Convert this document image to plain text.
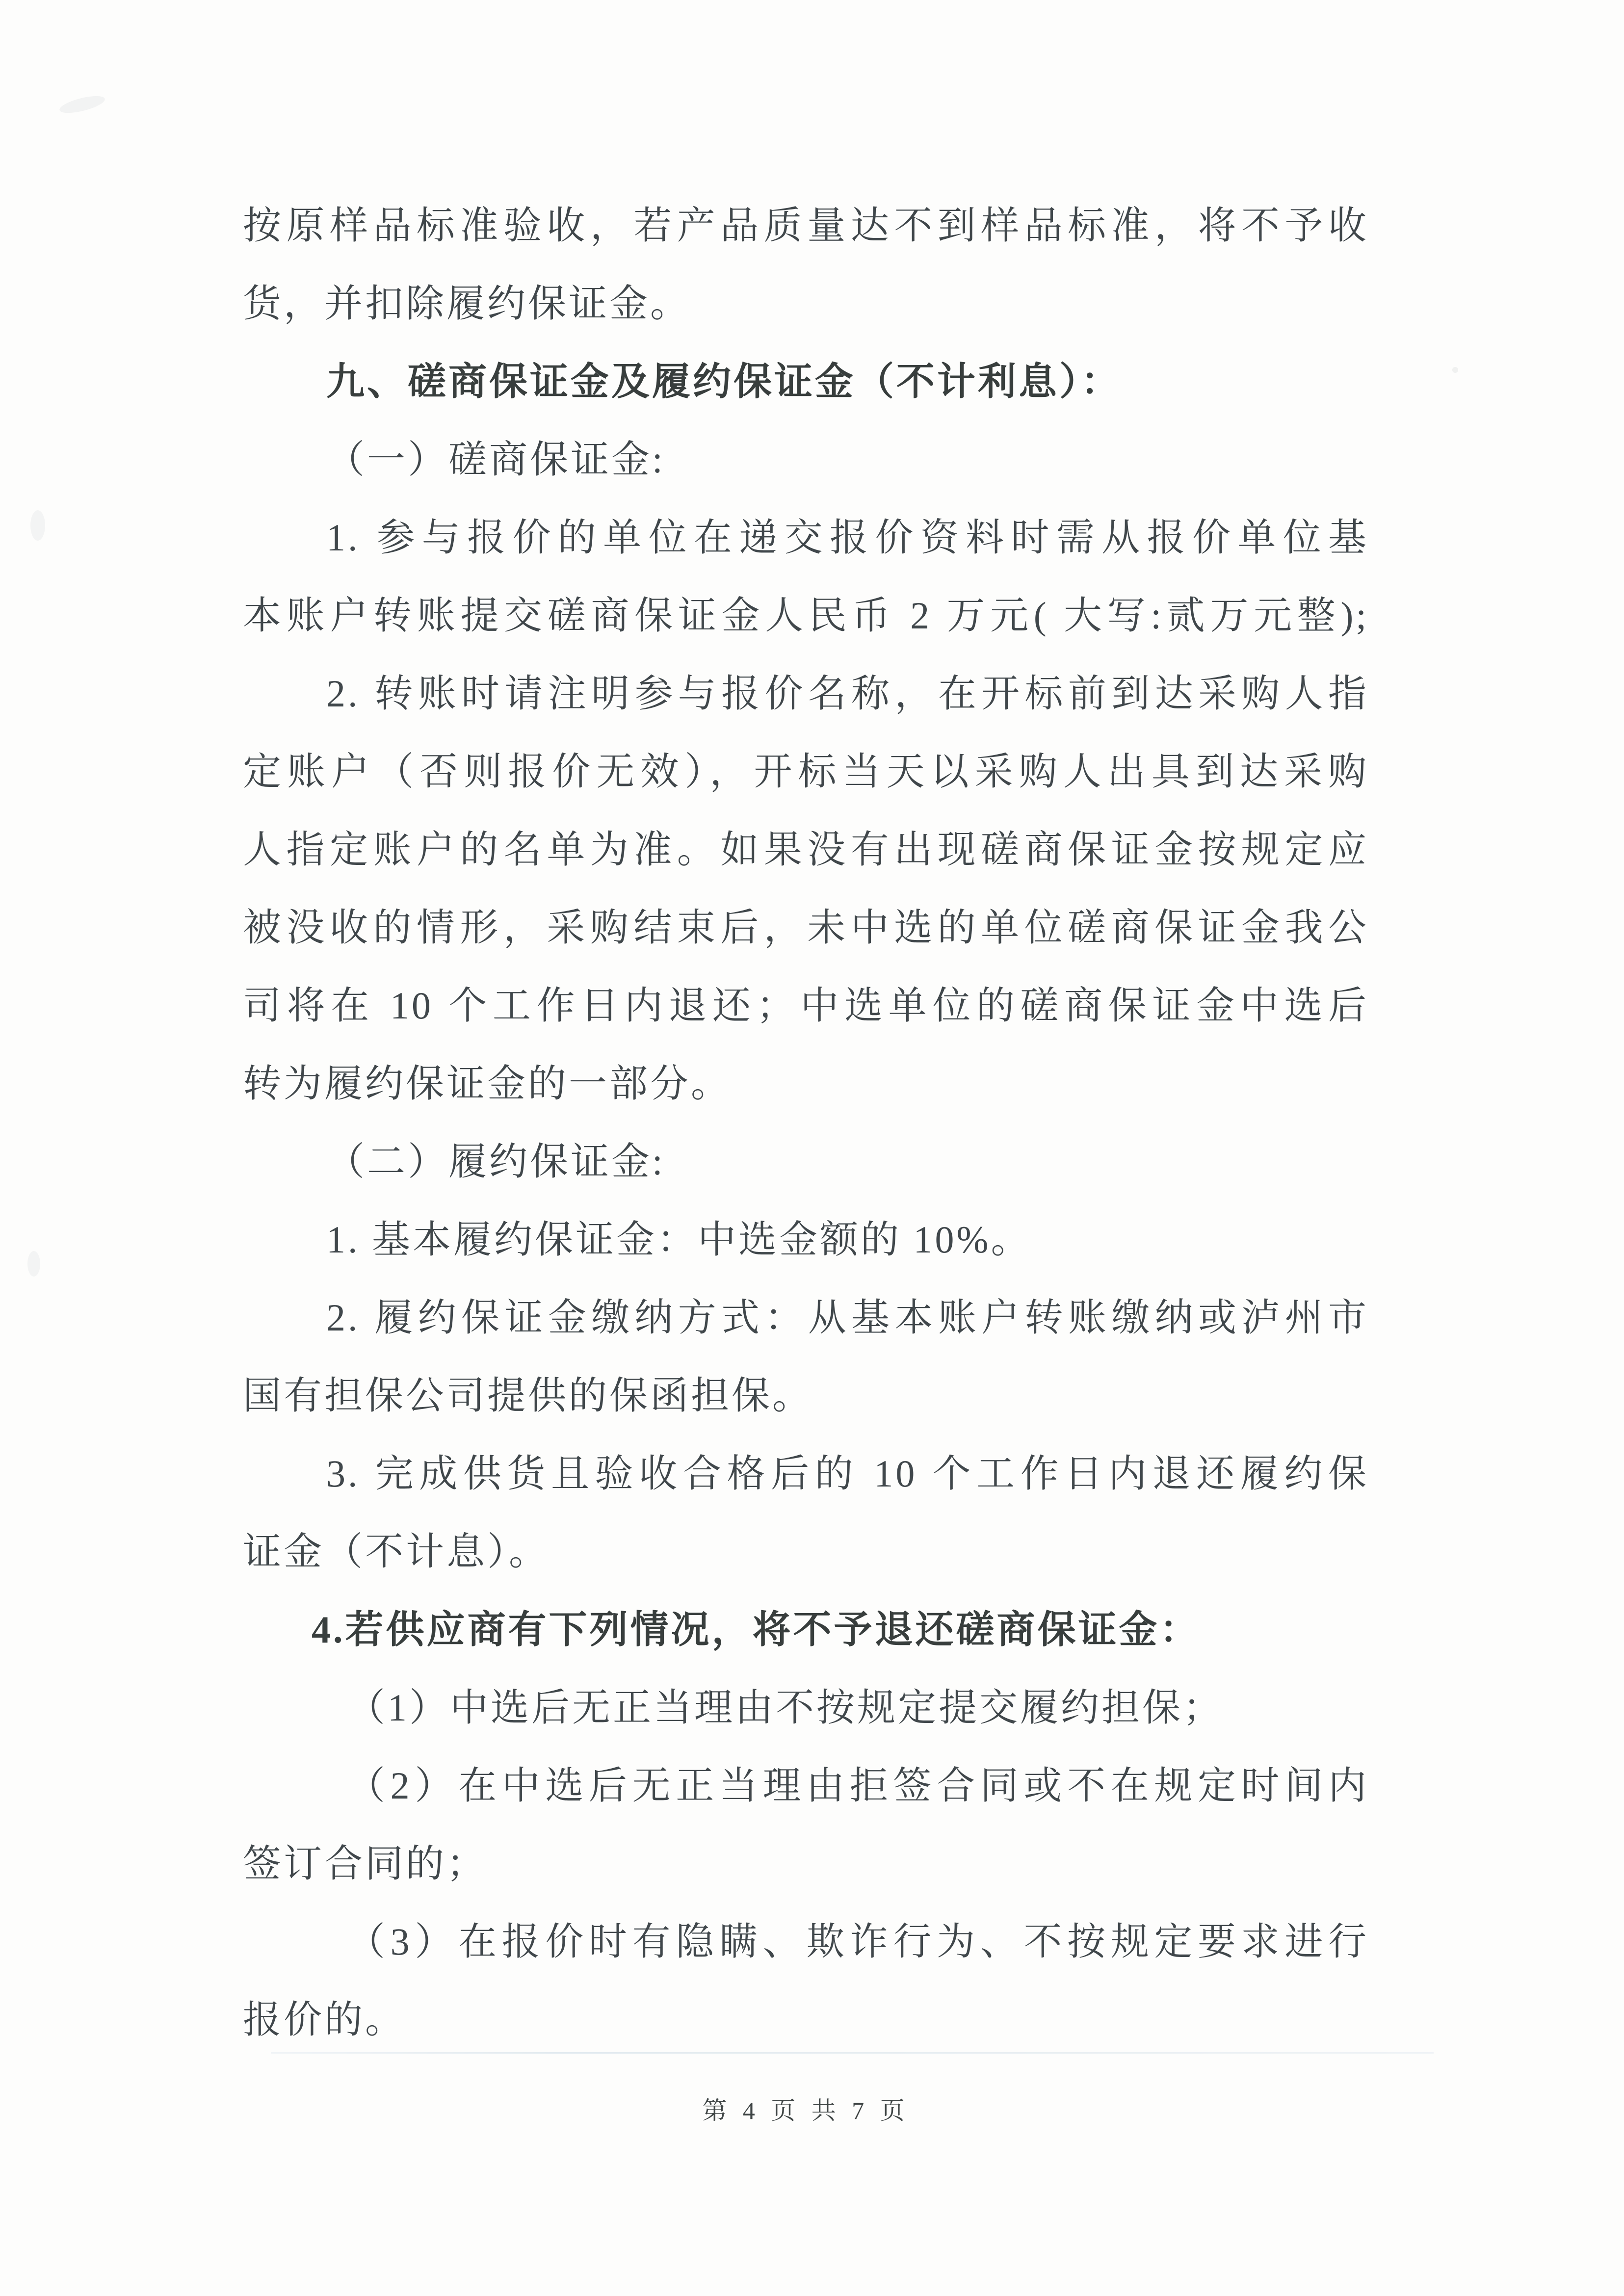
按原样品标准验收，若产品质量达不到样品标准，将不予收
货，并扣除履约保证金。
九、磋商保证金及履约保证金（不计利息）：
（一）磋商保证金:
1. 参与报价的单位在递交报价资料时需从报价单位基
本账户转账提交磋商保证金人民币 2 万元( 大写:贰万元整);
2. 转账时请注明参与报价名称，在开标前到达采购人指
定账户（否则报价无效），开标当天以采购人出具到达采购
人指定账户的名单为准。如果没有出现磋商保证金按规定应
被没收的情形，采购结束后，未中选的单位磋商保证金我公
司将在 10 个工作日内退还；中选单位的磋商保证金中选后
转为履约保证金的一部分。
（二）履约保证金:
1. 基本履约保证金：中选金额的 10%。
2. 履约保证金缴纳方式：从基本账户转账缴纳或泸州市
国有担保公司提供的保函担保。
3. 完成供货且验收合格后的 10 个工作日内退还履约保
证金（不计息）。
4.若供应商有下列情况，将不予退还磋商保证金：
（1）中选后无正当理由不按规定提交履约担保；
（2）在中选后无正当理由拒签合同或不在规定时间内
签订合同的；
（3）在报价时有隐瞒、欺诈行为、不按规定要求进行
报价的。
第 4 页 共 7 页
